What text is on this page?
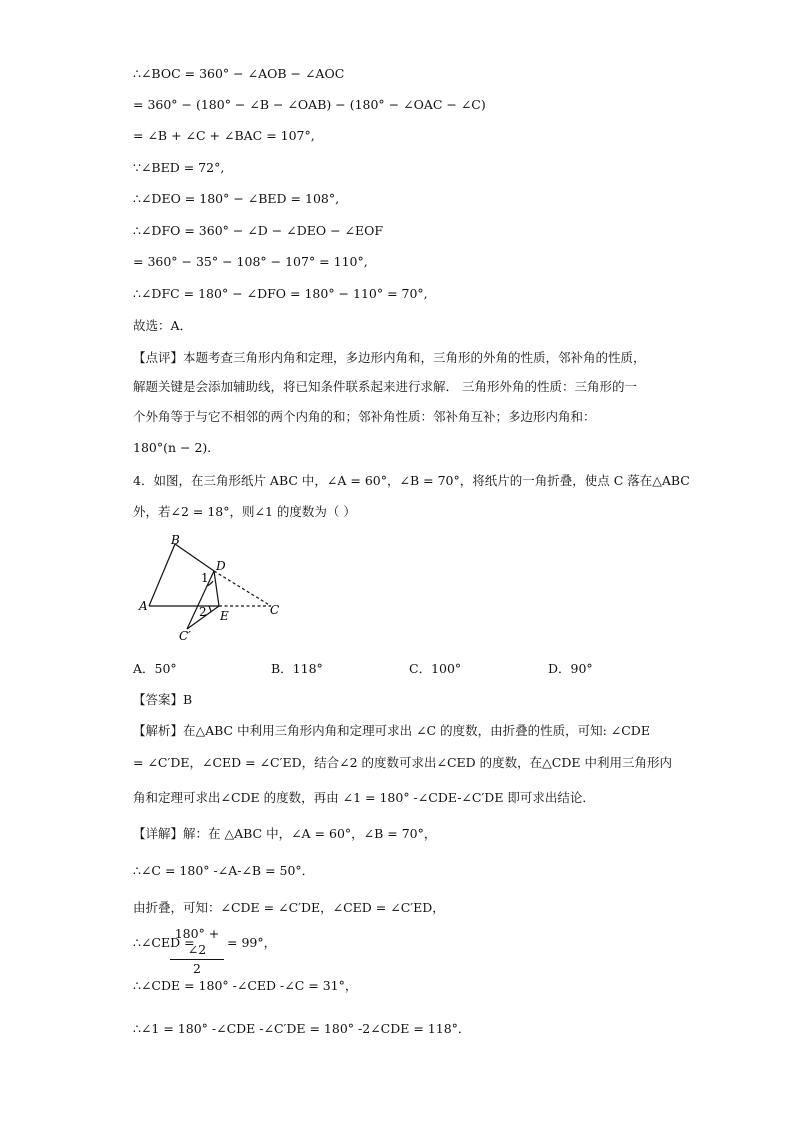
∴∠BOC = 360° − ∠AOB − ∠AOC
= 360° − (180° − ∠B − ∠OAB) − (180° − ∠OAC − ∠C)
= ∠B + ∠C + ∠BAC = 107°,
∵∠BED = 72°,
∴∠DEO = 180° − ∠BED = 108°,
∴∠DFO = 360° − ∠D − ∠DEO − ∠EOF
= 360° − 35° − 108° − 107° = 110°,
∴∠DFC = 180° − ∠DFO = 180° − 110° = 70°,
故选：A．
【点评】本题考查三角形内角和定理，多边形内角和，三角形的外角的性质，邻补角的性质，
解题关键是会添加辅助线，将已知条件联系起来进行求解． 三角形外角的性质：三角形的一
个外角等于与它不相邻的两个内角的和；邻补角性质：邻补角互补；多边形内角和：
180°(n − 2)．
4．如图，在三角形纸片 ABC 中，∠A = 60°，∠B = 70°，将纸片的一角折叠，使点 C 落在△ABC
外，若∠2 = 18°，则∠1 的度数为（ ）
B
D
1
A	2 E	C
C′
A．50°	B．118°	C．100°	D．90°
【答案】B
【解析】在△ABC 中利用三角形内角和定理可求出 ∠C 的度数，由折叠的性质，可知: ∠CDE
= ∠C′DE，∠CED = ∠C′ED，结合∠2 的度数可求出∠CED 的度数，在△CDE 中利用三角形内
角和定理可求出∠CDE 的度数，再由 ∠1 = 180° -∠CDE-∠C′DE 即可求出结论．
【详解】解：在 △ABC 中，∠A = 60°，∠B = 70°，
∴∠C = 180° -∠A-∠B = 50°．
由折叠，可知：∠CDE = ∠C′DE，∠CED = ∠C′ED，
∴∠CED =
180° + ∠2
2
= 99°，
∴∠CDE = 180° -∠CED -∠C = 31°，
∴∠1 = 180° -∠CDE -∠C′DE = 180° -2∠CDE = 118°．
